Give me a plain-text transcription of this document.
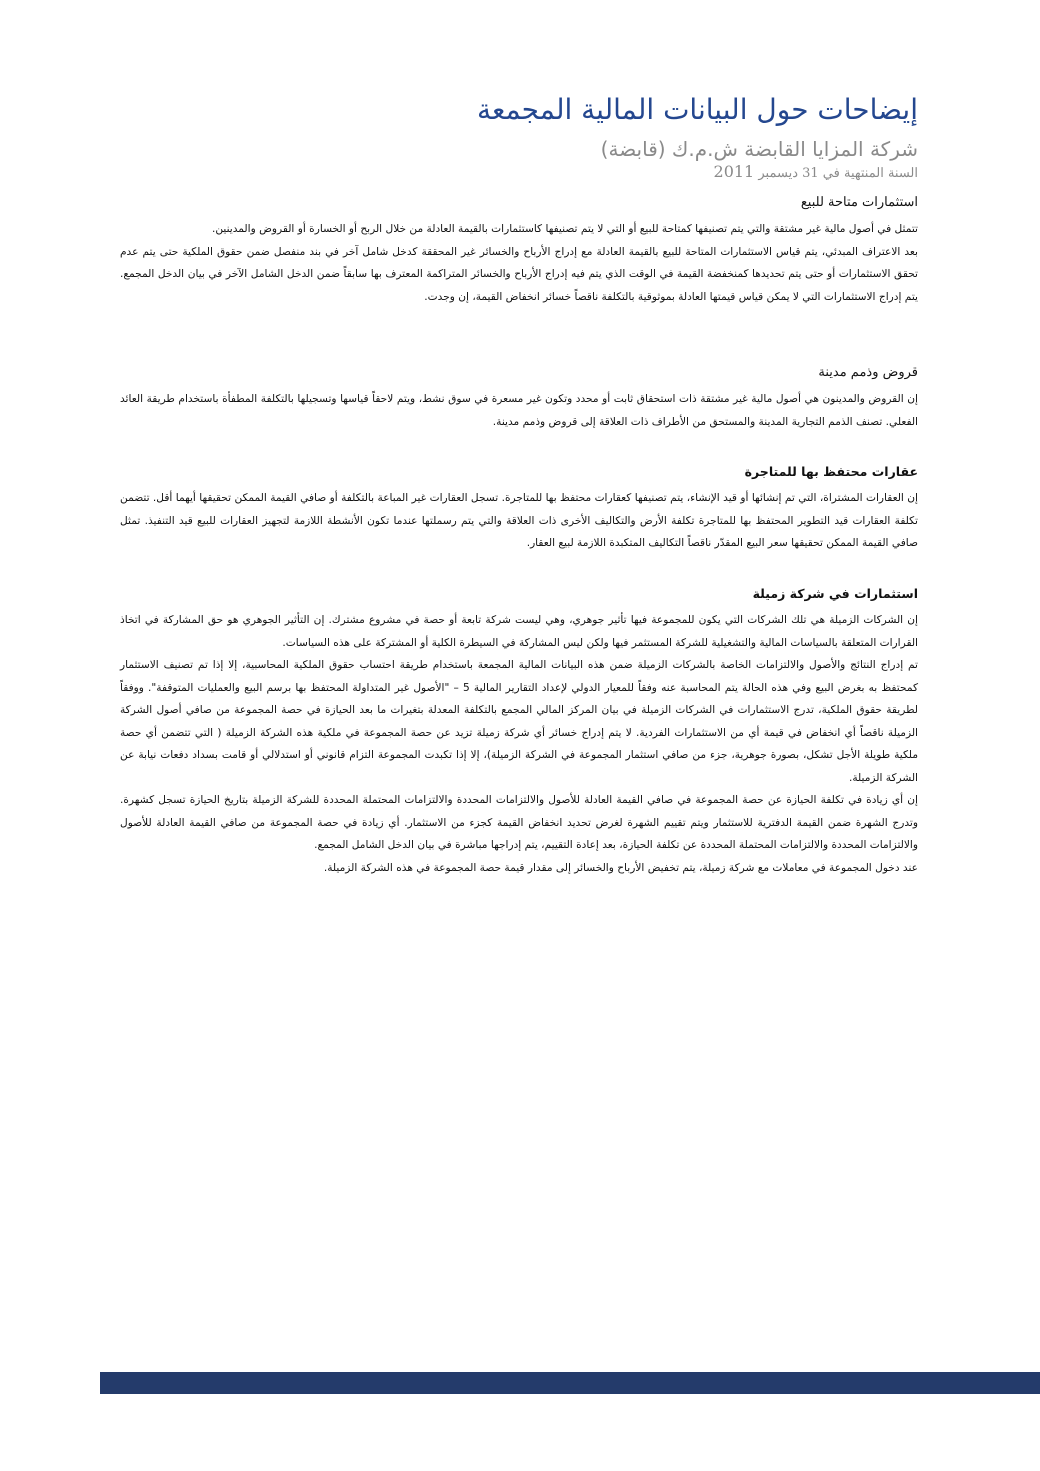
إيضاحات حول البيانات المالية المجمعة
شركة المزايا القابضة ش.م.ك (قابضة)
السنة المنتهية في 31 ديسمبر 2011
استثمارات متاحة للبيع

تتمثل في أصول مالية غير مشتقة والتي يتم تصنيفها كمتاحة للبيع أو التي لا يتم تصنيفها كاستثمارات بالقيمة العادلة من خلال الربح أو الخسارة أو القروض والمدينين.

بعد الاعتراف المبدئي، يتم قياس الاستثمارات المتاحة للبيع بالقيمة العادلة مع إدراج الأرباح والخسائر غير المحققة كدخل شامل آخر في بند منفصل ضمن حقوق الملكية حتى يتم عدم تحقق الاستثمارات أو حتى يتم تحديدها كمنخفضة القيمة في الوقت الذي يتم فيه إدراج الأرباح والخسائر المتراكمة المعترف بها سابقاً ضمن الدخل الشامل الآخر في بيان الدخل المجمع. يتم إدراج الاستثمارات التي لا يمكن قياس قيمتها العادلة بموثوقية بالتكلفة ناقصاً خسائر انخفاض القيمة، إن وجدت.

قروض وذمم مدينة

إن القروض والمدينون هي أصول مالية غير مشتقة ذات استحقاق ثابت أو محدد وتكون غير مسعرة في سوق نشط، ويتم لاحقاً قياسها وتسجيلها بالتكلفة المطفأة باستخدام طريقة العائد الفعلي. تصنف الذمم التجارية المدينة والمستحق من الأطراف ذات العلاقة إلى قروض وذمم مدينة.

عقارات محتفظ بها للمتاجرة

إن العقارات المشتراة، التي تم إنشائها أو قيد الإنشاء، يتم تصنيفها كعقارات محتفظ بها للمتاجرة. تسجل العقارات غير المباعة بالتكلفة أو صافي القيمة الممكن تحقيقها أيهما أقل. تتضمن تكلفة العقارات قيد التطوير المحتفظ بها للمتاجرة تكلفة الأرض والتكاليف الأخرى ذات العلاقة والتي يتم رسملتها عندما تكون الأنشطة اللازمة لتجهيز العقارات للبيع قيد التنفيذ. تمثل صافي القيمة الممكن تحقيقها سعر البيع المقدّر ناقصاً التكاليف المتكبدة اللازمة لبيع العقار.

استثمارات في شركة زميلة

إن الشركات الزميلة هي تلك الشركات التي يكون للمجموعة فيها تأثير جوهري، وهي ليست شركة تابعة أو حصة في مشروع مشترك. إن التأثير الجوهري هو حق المشاركة في اتخاذ القرارات المتعلقة بالسياسات المالية والتشغيلية للشركة المستثمر فيها ولكن ليس المشاركة في السيطرة الكلية أو المشتركة على هذه السياسات.

تم إدراج النتائج والأصول والالتزامات الخاصة بالشركات الزميلة ضمن هذه البيانات المالية المجمعة باستخدام طريقة احتساب حقوق الملكية المحاسبية، إلا إذا تم تصنيف الاستثمار كمحتفظ به بغرض البيع وفي هذه الحالة يتم المحاسبة عنه وفقاً للمعيار الدولي لإعداد التقارير المالية 5 – "الأصول غير المتداولة المحتفظ بها برسم البيع والعمليات المتوقفة". ووفقاً لطريقة حقوق الملكية، تدرج الاستثمارات في الشركات الزميلة في بيان المركز المالي المجمع بالتكلفة المعدلة بتغيرات ما بعد الحيازة في حصة المجموعة من صافي أصول الشركة الزميلة ناقصاً أي انخفاض في قيمة أي من الاستثمارات الفردية. لا يتم إدراج خسائر أي شركة زميلة تزيد عن حصة المجموعة في ملكية هذه الشركة الزميلة ( التي تتضمن أي حصة ملكية طويلة الأجل تشكل، بصورة جوهرية، جزء من صافي استثمار المجموعة في الشركة الزميلة)، إلا إذا تكبدت المجموعة التزام قانوني أو استدلالي أو قامت بسداد دفعات نيابة عن الشركة الزميلة.

إن أي زيادة في تكلفة الحيازة عن حصة المجموعة في صافي القيمة العادلة للأصول والالتزامات المحددة والالتزامات المحتملة المحددة للشركة الزميلة بتاريخ الحيازة تسجل كشهرة. وتدرج الشهرة ضمن القيمة الدفترية للاستثمار ويتم تقييم الشهرة لغرض تحديد انخفاض القيمة كجزء من الاستثمار. أي زيادة في حصة المجموعة من صافي القيمة العادلة للأصول والالتزامات المحددة والالتزامات المحتملة المحددة عن تكلفة الحيازة، بعد إعادة التقييم، يتم إدراجها مباشرة في بيان الدخل الشامل المجمع.

عند دخول المجموعة في معاملات مع شركة زميلة، يتم تخفيض الأرباح والخسائر إلى مقدار قيمة حصة المجموعة في هذه الشركة الزميلة.
